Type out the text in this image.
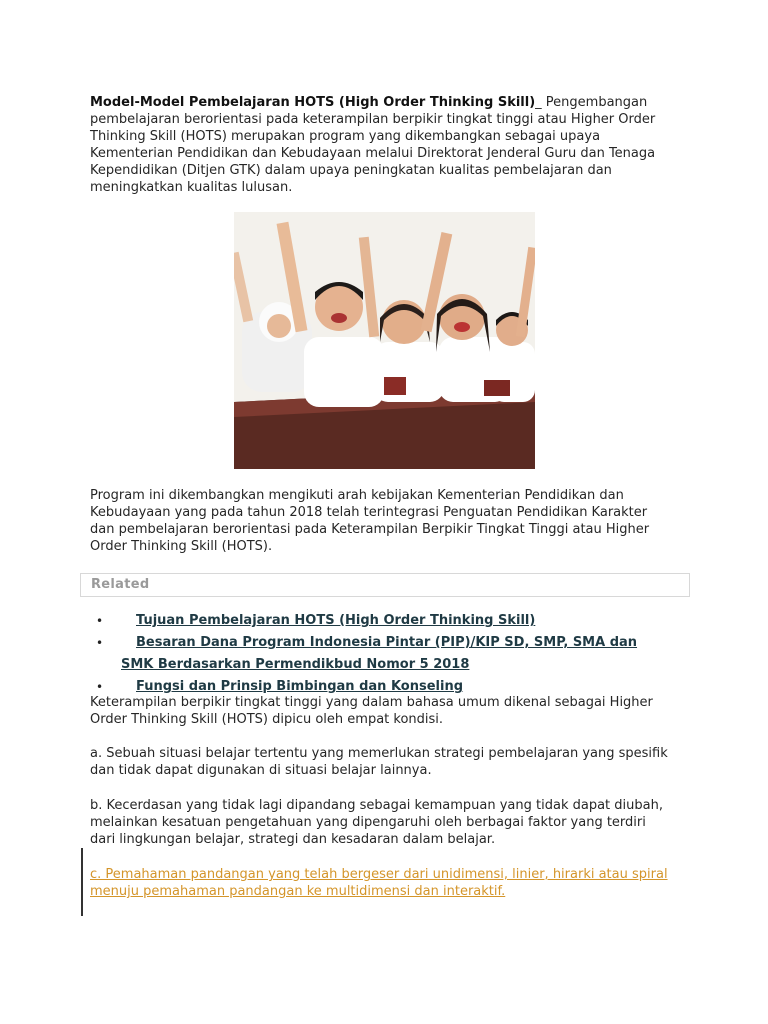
Model-Model Pembelajaran HOTS (High Order Thinking Skill)_ Pengembangan pembelajaran berorientasi pada keterampilan berpikir tingkat tinggi atau Higher Order Thinking Skill (HOTS) merupakan program yang dikembangkan sebagai upaya Kementerian Pendidikan dan Kebudayaan melalui Direktorat Jenderal Guru dan Tenaga Kependidikan (Ditjen GTK) dalam upaya peningkatan kualitas pembelajaran dan meningkatkan kualitas lulusan.
Program ini dikembangkan mengikuti arah kebijakan Kementerian Pendidikan dan Kebudayaan yang pada tahun 2018 telah terintegrasi Penguatan Pendidikan Karakter dan pembelajaran berorientasi pada Keterampilan Berpikir Tingkat Tinggi atau Higher Order Thinking Skill (HOTS).
Related
•	Tujuan Pembelajaran HOTS (High Order Thinking Skill)
•	Besaran Dana Program Indonesia Pintar (PIP)/KIP SD, SMP, SMA dan
SMK Berdasarkan Permendikbud Nomor 5 2018
•	Fungsi dan Prinsip Bimbingan dan Konseling
Keterampilan berpikir tingkat tinggi yang dalam bahasa umum dikenal sebagai Higher Order Thinking Skill (HOTS) dipicu oleh empat kondisi.
a. Sebuah situasi belajar tertentu yang memerlukan strategi pembelajaran yang spesifik dan tidak dapat digunakan di situasi belajar lainnya.
b. Kecerdasan yang tidak lagi dipandang sebagai kemampuan yang tidak dapat diubah, melainkan kesatuan pengetahuan yang dipengaruhi oleh berbagai faktor yang terdiri dari lingkungan belajar, strategi dan kesadaran dalam belajar.
c. Pemahaman pandangan yang telah bergeser dari unidimensi, linier, hirarki atau spiral menuju pemahaman pandangan ke multidimensi dan interaktif.
